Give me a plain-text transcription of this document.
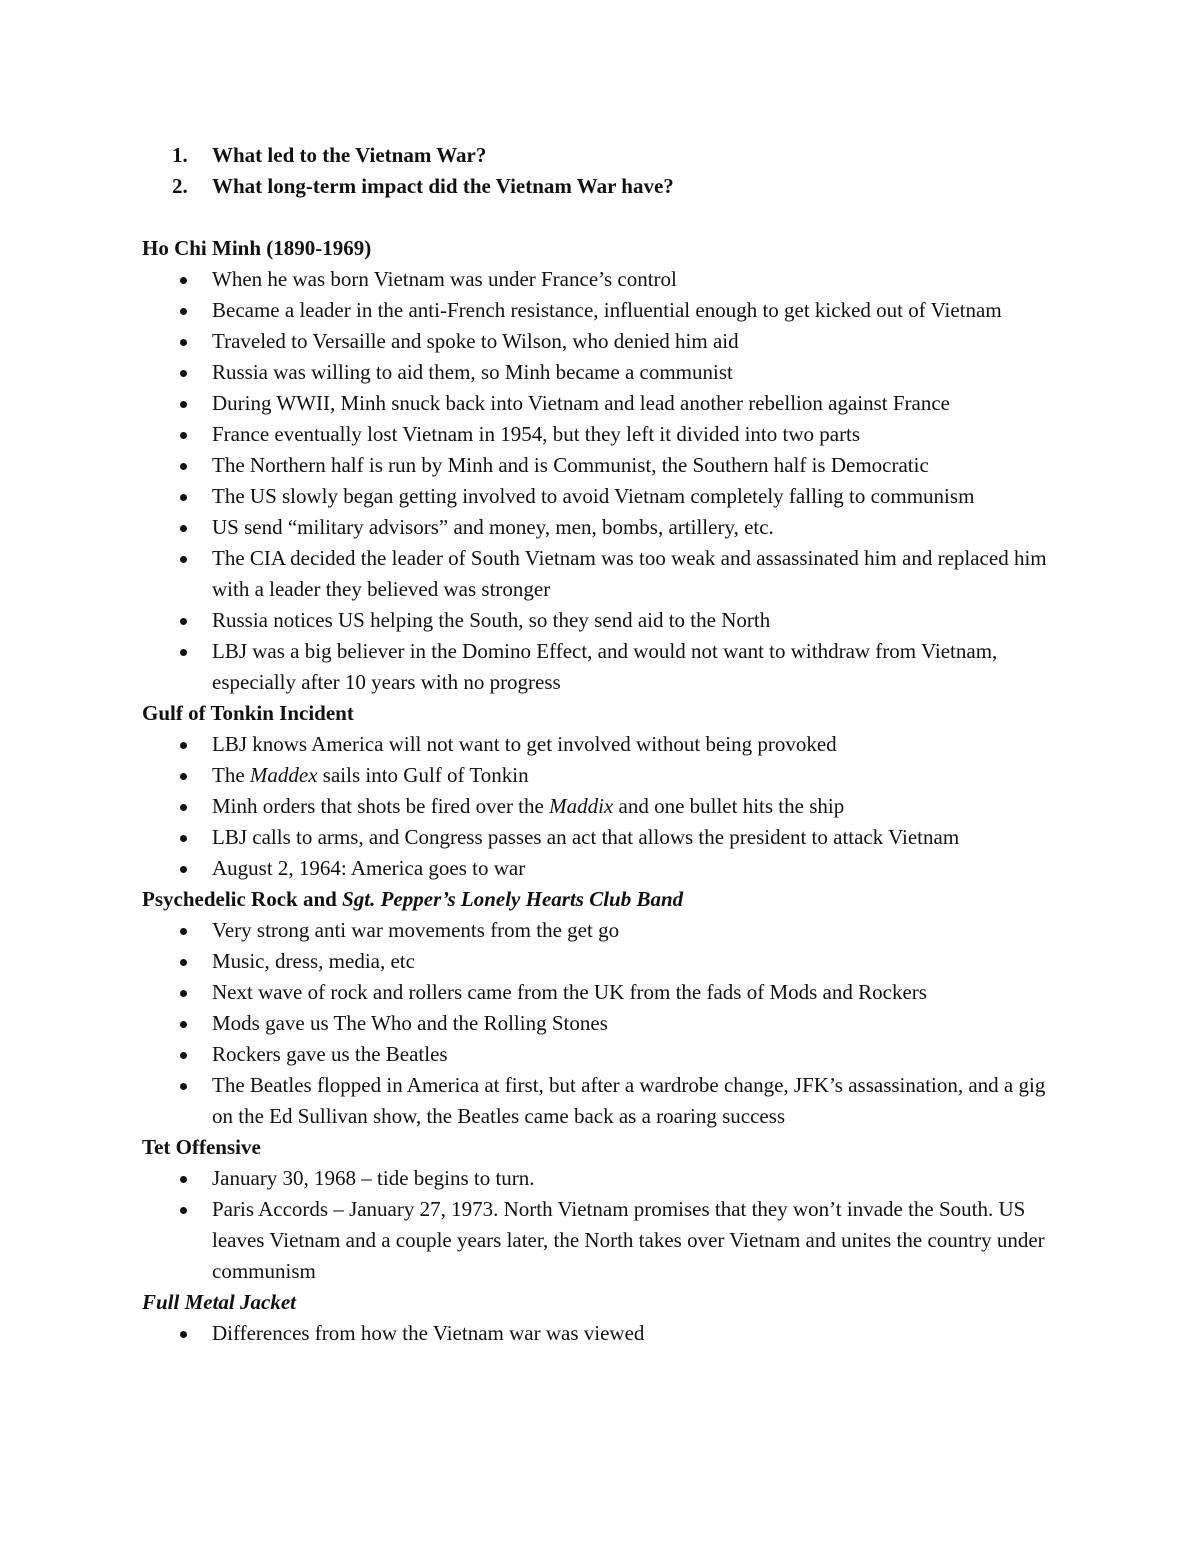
1. What led to the Vietnam War?
2. What long-term impact did the Vietnam War have?
Ho Chi Minh (1890-1969)
When he was born Vietnam was under France’s control
Became a leader in the anti-French resistance, influential enough to get kicked out of Vietnam
Traveled to Versaille and spoke to Wilson, who denied him aid
Russia was willing to aid them, so Minh became a communist
During WWII, Minh snuck back into Vietnam and lead another rebellion against France
France eventually lost Vietnam in 1954, but they left it divided into two parts
The Northern half is run by Minh and is Communist, the Southern half is Democratic
The US slowly began getting involved to avoid Vietnam completely falling to communism
US send “military advisors” and money, men, bombs, artillery, etc.
The CIA decided the leader of South Vietnam was too weak and assassinated him and replaced him with a leader they believed was stronger
Russia notices US helping the South, so they send aid to the North
LBJ was a big believer in the Domino Effect, and would not want to withdraw from Vietnam, especially after 10 years with no progress
Gulf of Tonkin Incident
LBJ knows America will not want to get involved without being provoked
The Maddex sails into Gulf of Tonkin
Minh orders that shots be fired over the Maddix and one bullet hits the ship
LBJ calls to arms, and Congress passes an act that allows the president to attack Vietnam
August 2, 1964: America goes to war
Psychedelic Rock and Sgt. Pepper’s Lonely Hearts Club Band
Very strong anti war movements from the get go
Music, dress, media, etc
Next wave of rock and rollers came from the UK from the fads of Mods and Rockers
Mods gave us The Who and the Rolling Stones
Rockers gave us the Beatles
The Beatles flopped in America at first, but after a wardrobe change, JFK’s assassination, and a gig on the Ed Sullivan show, the Beatles came back as a roaring success
Tet Offensive
January 30, 1968 – tide begins to turn.
Paris Accords – January 27, 1973. North Vietnam promises that they won’t invade the South. US leaves Vietnam and a couple years later, the North takes over Vietnam and unites the country under communism
Full Metal Jacket
Differences from how the Vietnam war was viewed
